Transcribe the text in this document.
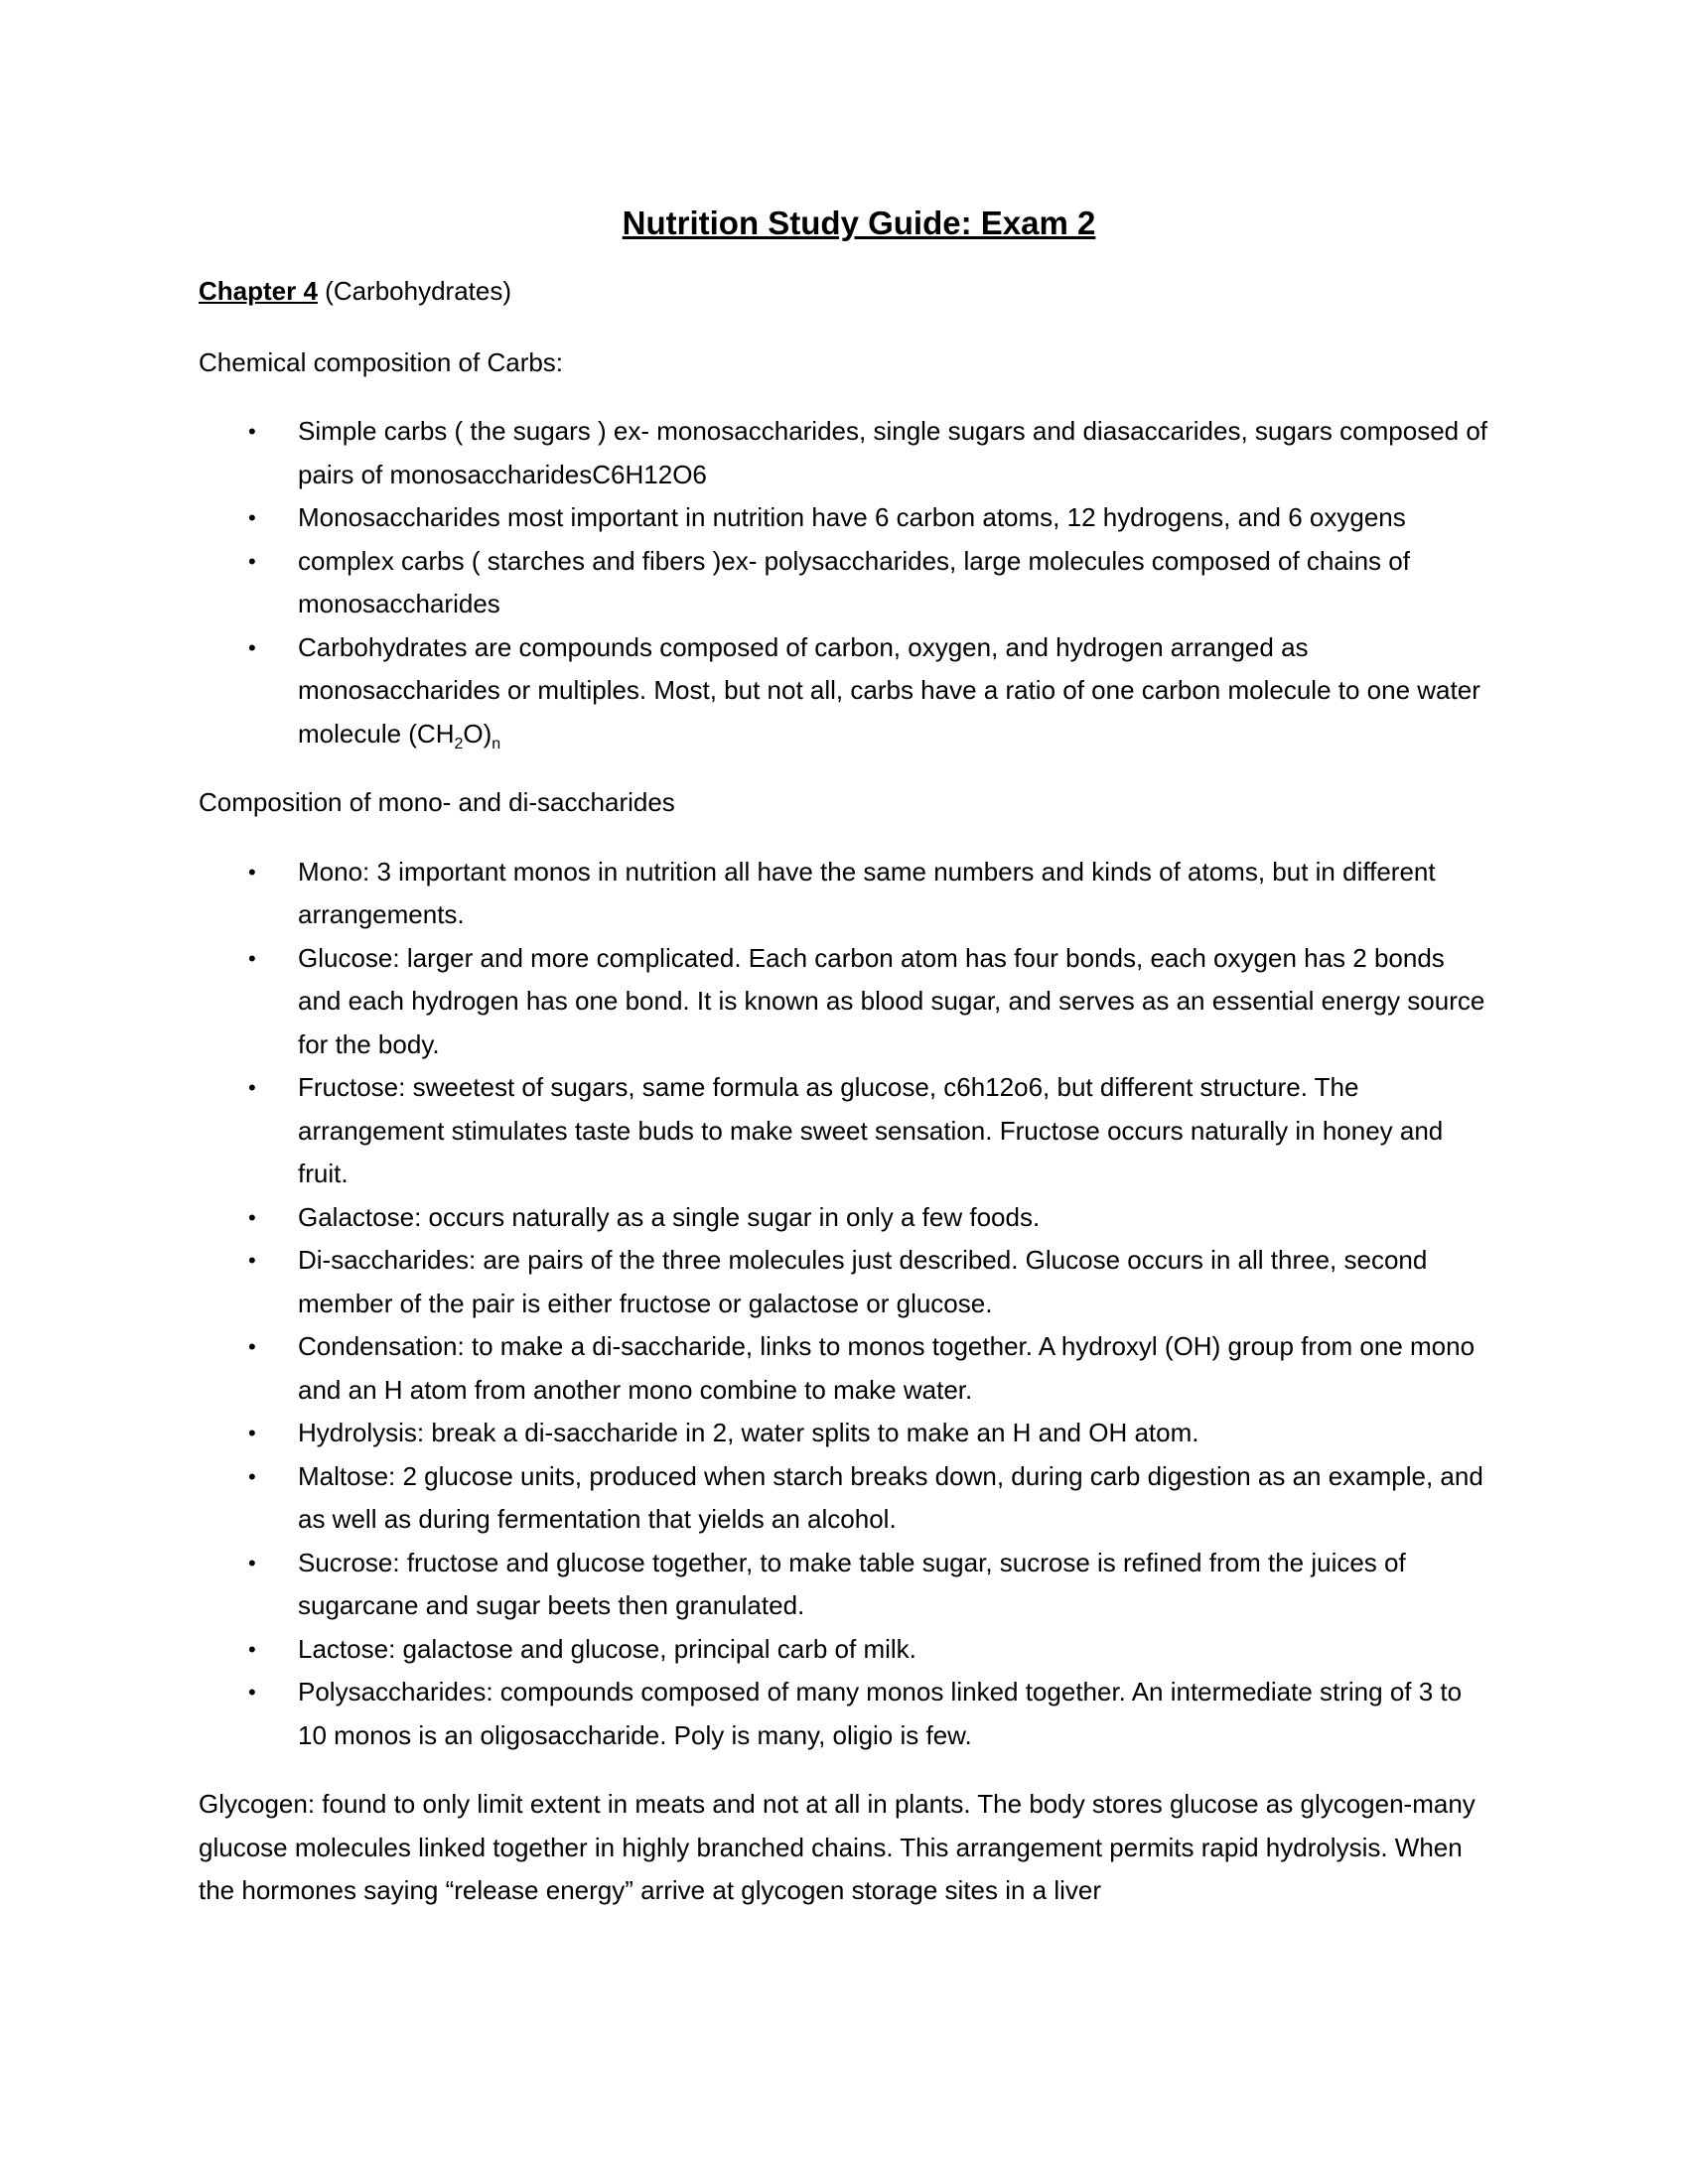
Nutrition Study Guide: Exam 2
Chapter 4 (Carbohydrates)
Chemical composition of Carbs:
• Simple carbs ( the sugars ) ex- monosaccharides, single sugars and diasaccarides, sugars composed of pairs of monosaccharidesC6H12O6
• Monosaccharides most important in nutrition have 6 carbon atoms, 12 hydrogens, and 6 oxygens
• complex carbs ( starches and fibers )ex- polysaccharides, large molecules composed of chains of monosaccharides
• Carbohydrates are compounds composed of carbon, oxygen, and hydrogen arranged as monosaccharides or multiples. Most, but not all, carbs have a ratio of one carbon molecule to one water molecule $(CH_2O)_n$
Composition of mono- and di-saccharides
• Mono: 3 important monos in nutrition all have the same numbers and kinds of atoms, but in different arrangements.
• Glucose: larger and more complicated. Each carbon atom has four bonds, each oxygen has 2 bonds and each hydrogen has one bond. It is known as blood sugar, and serves as an essential energy source for the body.
• Fructose: sweetest of sugars, same formula as glucose, c6h12o6, but different structure. The arrangement stimulates taste buds to make sweet sensation. Fructose occurs naturally in honey and fruit.
• Galactose: occurs naturally as a single sugar in only a few foods.
• Di-saccharides: are pairs of the three molecules just described. Glucose occurs in all three, second member of the pair is either fructose or galactose or glucose.
• Condensation: to make a di-saccharide, links to monos together. A hydroxyl (OH) group from one mono and an H atom from another mono combine to make water.
• Hydrolysis: break a di-saccharide in 2, water splits to make an H and OH atom.
• Maltose: 2 glucose units, produced when starch breaks down, during carb digestion as an example, and as well as during fermentation that yields an alcohol.
• Sucrose: fructose and glucose together, to make table sugar, sucrose is refined from the juices of sugarcane and sugar beets then granulated.
• Lactose: galactose and glucose, principal carb of milk.
• Polysaccharides: compounds composed of many monos linked together. An intermediate string of 3 to 10 monos is an oligosaccharide. Poly is many, oligio is few.

Glycogen: found to only limit extent in meats and not at all in plants. The body stores glucose as glycogen-many glucose molecules linked together in highly branched chains. This arrangement permits rapid hydrolysis. When the hormones saying “release energy” arrive at glycogen storage sites in a liver
